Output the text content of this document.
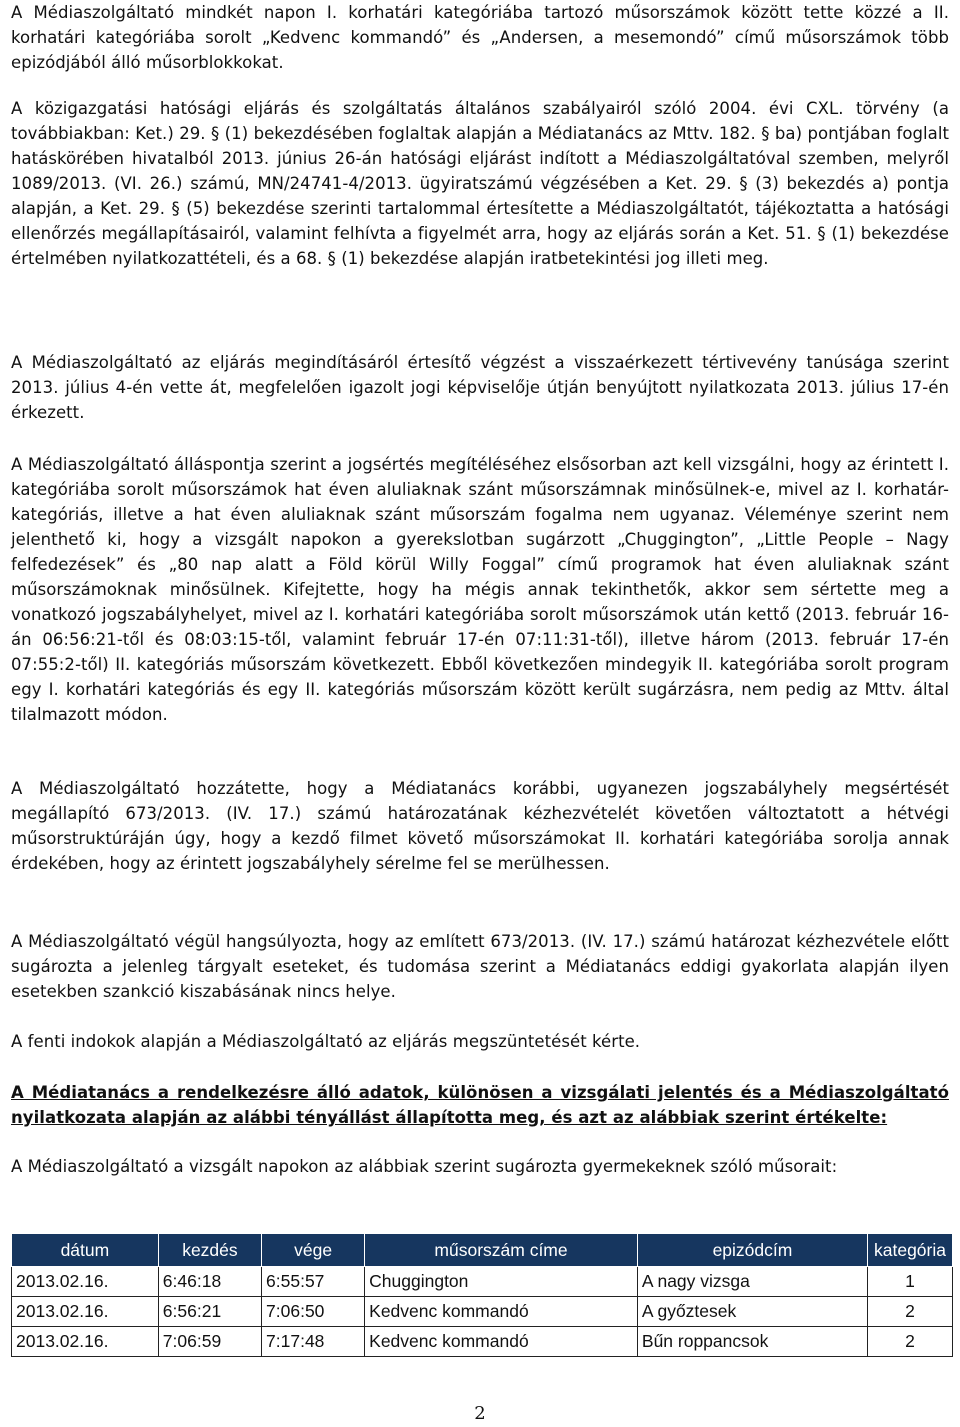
A Médiaszolgáltató mindkét napon I. korhatári kategóriába tartozó műsorszámok között tette közzé a II. korhatári kategóriába sorolt „Kedvenc kommandó” és „Andersen, a mesemondó” című műsorszámok több epizódjából álló műsorblokkokat.

A közigazgatási hatósági eljárás és szolgáltatás általános szabályairól szóló 2004. évi CXL. törvény (a továbbiakban: Ket.) 29. § (1) bekezdésében foglaltak alapján a Médiatanács az Mttv. 182. § ba) pontjában foglalt hatáskörében hivatalból 2013. június 26-án hatósági eljárást indított a Médiaszolgáltatóval szemben, melyről 1089/2013. (VI. 26.) számú, MN/24741-4/2013. ügyiratszámú végzésében a Ket. 29. § (3) bekezdés a) pontja alapján, a Ket. 29. § (5) bekezdése szerinti tartalommal értesítette a Médiaszolgáltatót, tájékoztatta a hatósági ellenőrzés megállapításairól, valamint felhívta a figyelmét arra, hogy az eljárás során a Ket. 51. § (1) bekezdése értelmében nyilatkozattételi, és a 68. § (1) bekezdése alapján iratbetekintési jog illeti meg.

A Médiaszolgáltató az eljárás megindításáról értesítő végzést a visszaérkezett tértivevény tanúsága szerint 2013. július 4-én vette át, megfelelően igazolt jogi képviselője útján benyújtott nyilatkozata 2013. július 17-én érkezett.

A Médiaszolgáltató álláspontja szerint a jogsértés megítéléséhez elsősorban azt kell vizsgálni, hogy az érintett I. kategóriába sorolt műsorszámok hat éven aluliaknak szánt műsorszámnak minősülnek-e, mivel az I. korhatár-kategóriás, illetve a hat éven aluliaknak szánt műsorszám fogalma nem ugyanaz. Véleménye szerint nem jelenthető ki, hogy a vizsgált napokon a gyerekslotban sugárzott „Chuggington”, „Little People – Nagy felfedezések” és „80 nap alatt a Föld körül Willy Foggal” című programok hat éven aluliaknak szánt műsorszámoknak minősülnek. Kifejtette, hogy ha mégis annak tekinthetők, akkor sem sértette meg a vonatkozó jogszabályhelyet, mivel az I. korhatári kategóriába sorolt műsorszámok után kettő (2013. február 16-án 06:56:21-től és 08:03:15-től, valamint február 17-én 07:11:31-től), illetve három (2013. február 17-én 07:55:2-től) II. kategóriás műsorszám következett. Ebből következően mindegyik II. kategóriába sorolt program egy I. korhatári kategóriás és egy II. kategóriás műsorszám között került sugárzásra, nem pedig az Mttv. által tilalmazott módon.

A Médiaszolgáltató hozzátette, hogy a Médiatanács korábbi, ugyanezen jogszabályhely megsértését megállapító 673/2013. (IV. 17.) számú határozatának kézhezvételét követően változtatott a hétvégi műsorstruktúráján úgy, hogy a kezdő filmet követő műsorszámokat II. korhatári kategóriába sorolja annak érdekében, hogy az érintett jogszabályhely sérelme fel se merülhessen.

A Médiaszolgáltató végül hangsúlyozta, hogy az említett 673/2013. (IV. 17.) számú határozat kézhezvétele előtt sugározta a jelenleg tárgyalt eseteket, és tudomása szerint a Médiatanács eddigi gyakorlata alapján ilyen esetekben szankció kiszabásának nincs helye.

A fenti indokok alapján a Médiaszolgáltató az eljárás megszüntetését kérte.

A Médiatanács a rendelkezésre álló adatok, különösen a vizsgálati jelentés és a Médiaszolgáltató nyilatkozata alapján az alábbi tényállást állapította meg, és azt az alábbiak szerint értékelte:

A Médiaszolgáltató a vizsgált napokon az alábbiak szerint sugározta gyermekeknek szóló műsorait:

dátum	kezdés	vége	műsorszám címe	epizódcím	kategória
2013.02.16.	6:46:18	6:55:57	Chuggington	A nagy vizsga	1
2013.02.16.	6:56:21	7:06:50	Kedvenc kommandó	A győztesek	2
2013.02.16.	7:06:59	7:17:48	Kedvenc kommandó	Bűn roppancsok	2
2
